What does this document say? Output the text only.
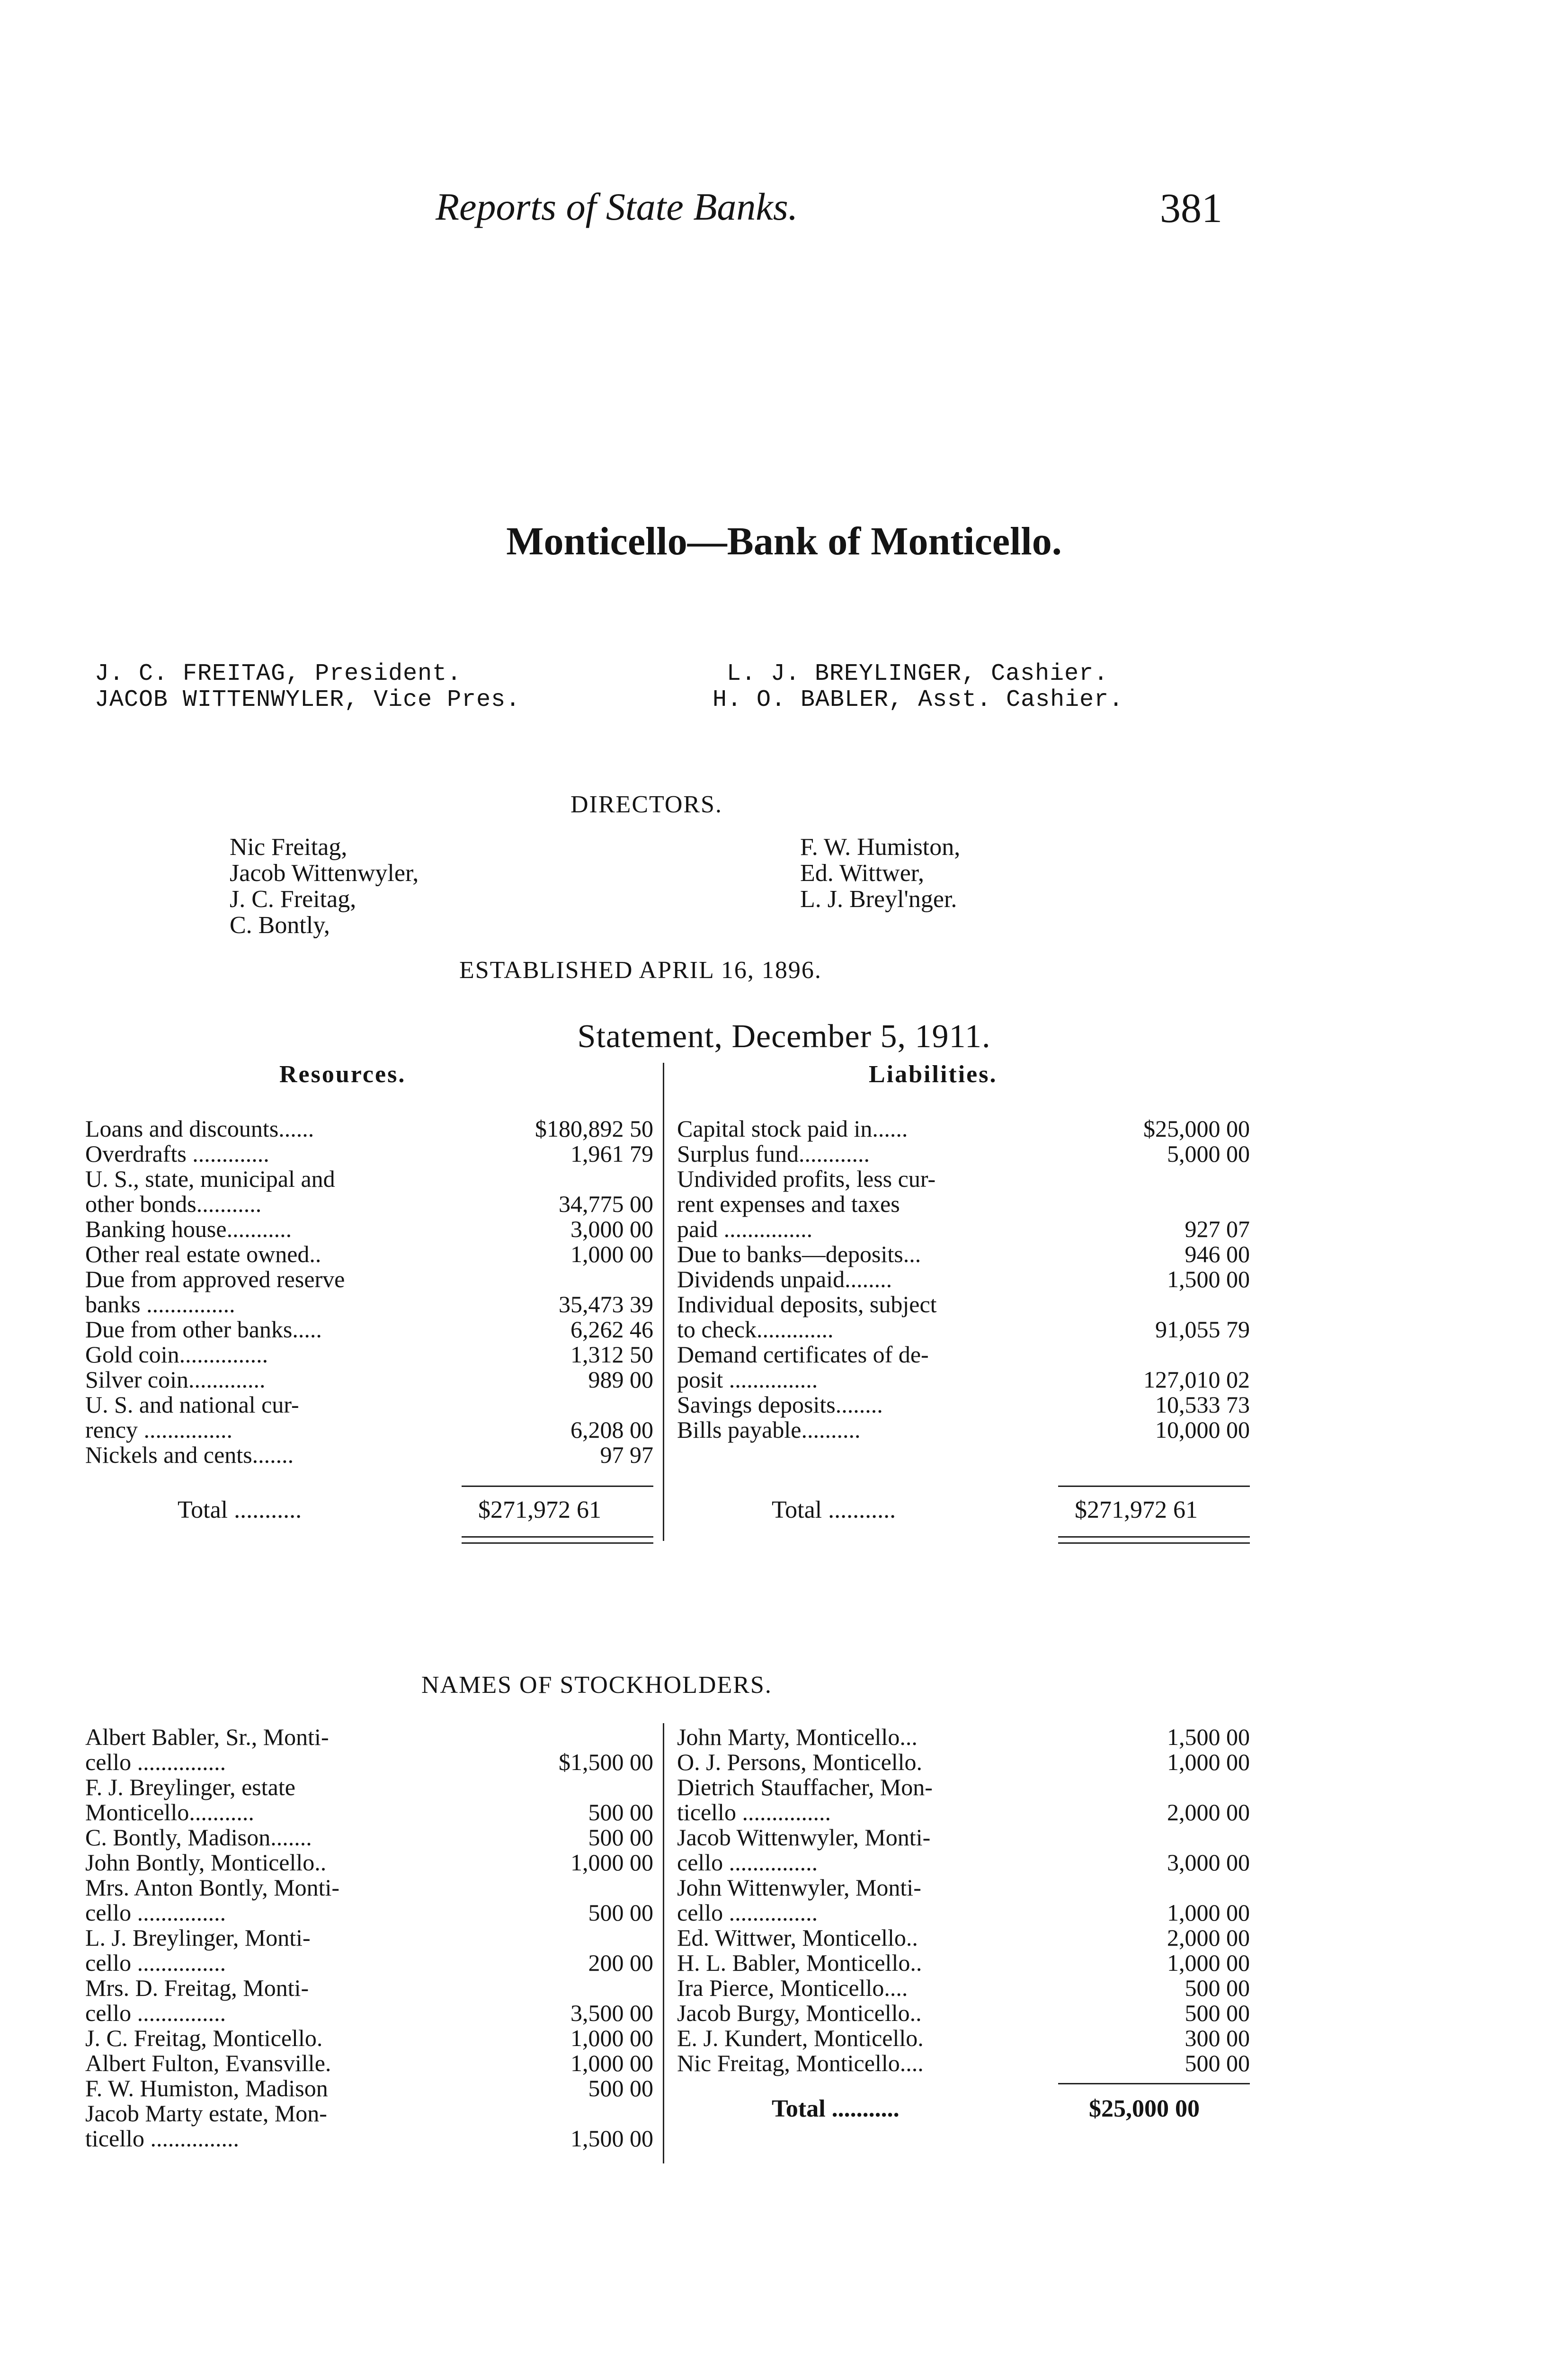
Reports of State Banks.	381
Monticello—Bank of Monticello.
J. C. FREITAG, President.
JACOB WITTENWYLER, Vice Pres.
L. J. BREYLINGER, Cashier.
H. O. BABLER, Asst. Cashier.
DIRECTORS.
Nic Freitag,
Jacob Wittenwyler,
J. C. Freitag,
C. Bontly,
F. W. Humiston,
Ed. Wittwer,
L. J. Breyl'nger.
ESTABLISHED APRIL 16, 1896.
Statement, December 5, 1911.
Resources.	Liabilities.
Loans and discounts......	$180,892 50
Overdrafts .............	1,961 79
U. S., state, municipal and
other bonds...........	34,775 00
Banking house...........	3,000 00
Other real estate owned..	1,000 00
Due from approved reserve
banks ...............	35,473 39
Due from other banks.....	6,262 46
Gold coin...............	1,312 50
Silver coin.............	989 00
U. S. and national cur-
rency ...............	6,208 00
Nickels and cents.......	97 97
Total ...........	$271,972 61
Capital stock paid in......	$25,000 00
Surplus fund............	5,000 00
Undivided profits, less cur-
rent expenses and taxes
paid ...............	927 07
Due to banks—deposits...	946 00
Dividends unpaid........	1,500 00
Individual deposits, subject
to check.............	91,055 79
Demand certificates of de-
posit ...............	127,010 02
Savings deposits........	10,533 73
Bills payable..........	10,000 00
Total ...........	$271,972 61
NAMES OF STOCKHOLDERS.
Albert Babler, Sr., Monti-
cello ...............	$1,500 00
F. J. Breylinger, estate
Monticello...........	500 00
C. Bontly, Madison.......	500 00
John Bontly, Monticello..	1,000 00
Mrs. Anton Bontly, Monti-
cello ...............	500 00
L. J. Breylinger, Monti-
cello ...............	200 00
Mrs. D. Freitag, Monti-
cello ...............	3,500 00
J. C. Freitag, Monticello.	1,000 00
Albert Fulton, Evansville.	1,000 00
F. W. Humiston, Madison	500 00
Jacob Marty estate, Mon-
ticello ...............	1,500 00
John Marty, Monticello...	1,500 00
O. J. Persons, Monticello.	1,000 00
Dietrich Stauffacher, Mon-
ticello ...............	2,000 00
Jacob Wittenwyler, Monti-
cello ...............	3,000 00
John Wittenwyler, Monti-
cello ...............	1,000 00
Ed. Wittwer, Monticello..	2,000 00
H. L. Babler, Monticello..	1,000 00
Ira Pierce, Monticello....	500 00
Jacob Burgy, Monticello..	500 00
E. J. Kundert, Monticello.	300 00
Nic Freitag, Monticello....	500 00
Total ...........	$25,000 00
